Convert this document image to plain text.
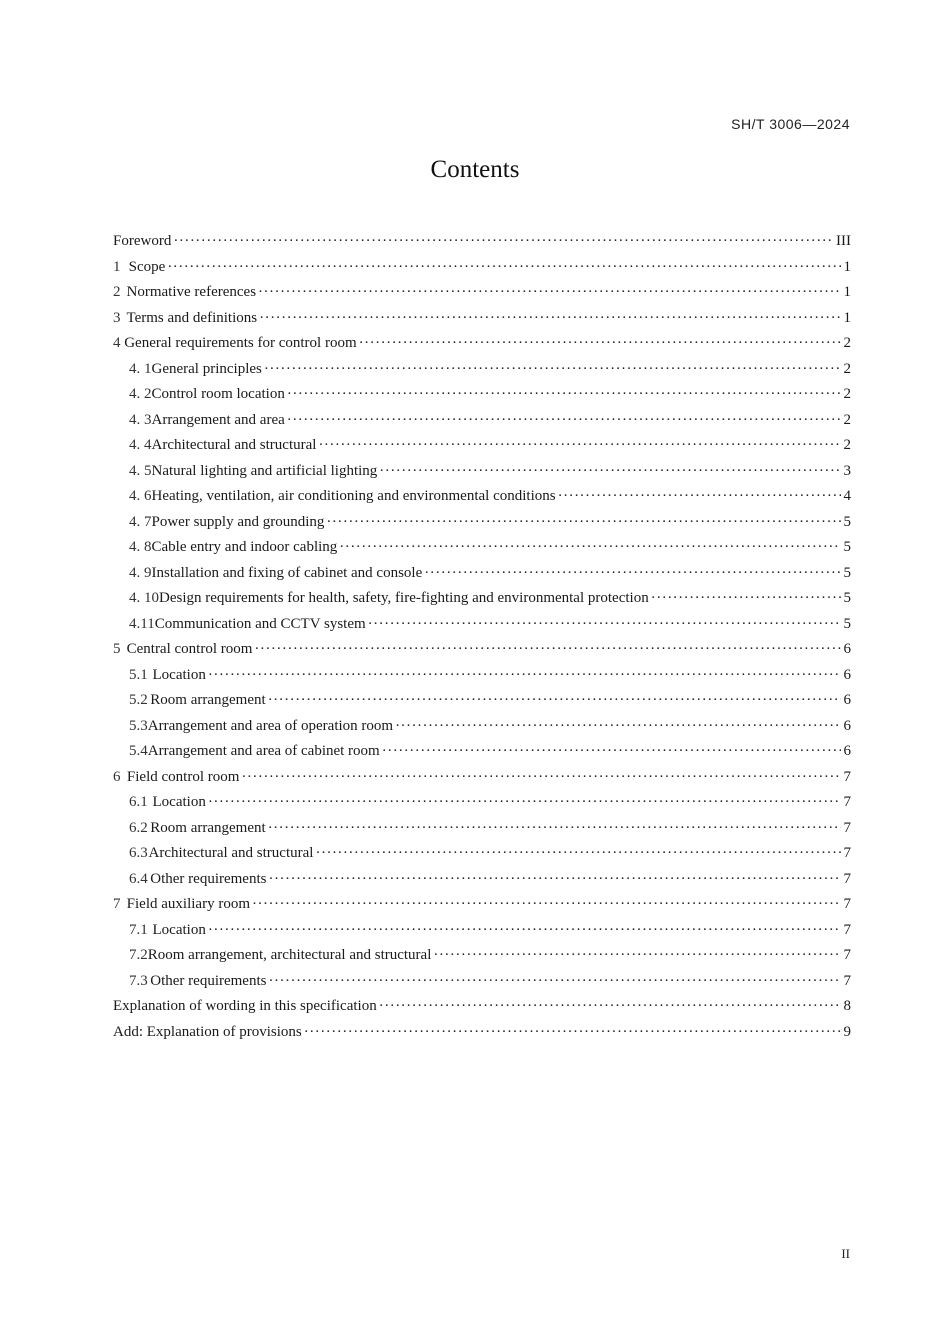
SH/T 3006—2024
Contents
Foreword ·····	III
1 Scope ·····	1
2 Normative references ·····	1
3 Terms and definitions ·····	1
4 General requirements for control room ·····	2
4. 1 General principles ·····	2
4. 2 Control room location ·····	2
4. 3 Arrangement and area ·····	2
4. 4 Architectural and structural ·····	2
4. 5 Natural lighting and artificial lighting ·····	3
4. 6 Heating, ventilation, air conditioning and environmental conditions ·····	4
4. 7 Power supply and grounding ·····	5
4. 8 Cable entry and indoor cabling ·····	5
4. 9 Installation and fixing of cabinet and console ·····	5
4. 10 Design requirements for health, safety, fire-fighting and environmental protection ·····	5
4.11 Communication and CCTV system ·····	5
5 Central control room ·····	6
5.1 Location ·····	6
5.2 Room arrangement ·····	6
5.3 Arrangement and area of operation room ·····	6
5.4 Arrangement and area of cabinet room ·····	6
6 Field control room ·····	7
6.1 Location ·····	7
6.2 Room arrangement ·····	7
6.3 Architectural and structural ·····	7
6.4 Other requirements ·····	7
7 Field auxiliary room ·····	7
7.1 Location ·····	7
7.2 Room arrangement, architectural and structural ·····	7
7.3 Other requirements ·····	7
Explanation of wording in this specification ·····	8
Add: Explanation of provisions ·····	9
II
